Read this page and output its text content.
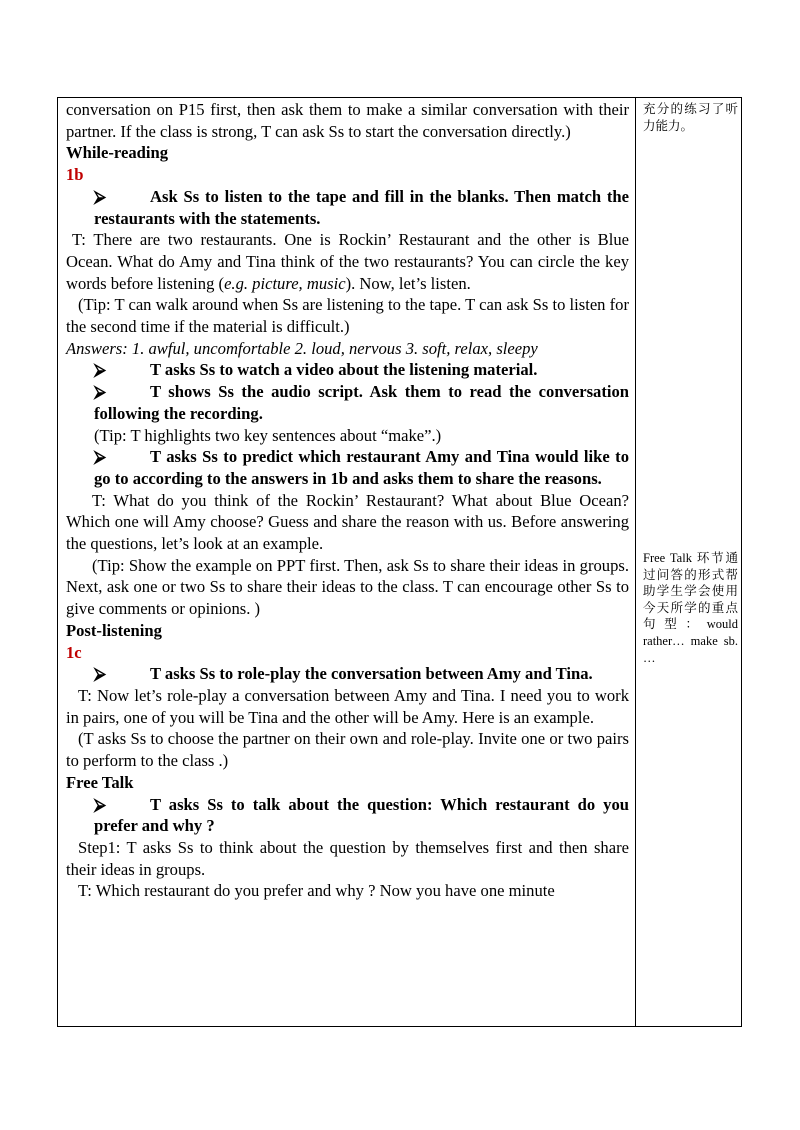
conversation on P15 first, then ask them to make a similar conversation with their partner. If the class is strong, T can ask Ss to start the conversation directly.)

While-reading

1b

⮚	Ask Ss to listen to the tape and fill in the blanks. Then match the restaurants with the statements.

T: There are two restaurants. One is Rockin’ Restaurant and the other is Blue Ocean. What do Amy and Tina think of the two restaurants? You can circle the key words before listening (e.g. picture, music). Now, let’s listen.

(Tip: T can walk around when Ss are listening to the tape. T can ask Ss to listen for the second time if the material is difficult.)

Answers: 1. awful, uncomfortable 2. loud, nervous 3. soft, relax, sleepy

⮚	T asks Ss to watch a video about the listening material.

⮚	T shows Ss the audio script. Ask them to read the conversation following the recording.

(Tip: T highlights two key sentences about “make”.)

⮚	T asks Ss to predict which restaurant Amy and Tina would like to go to according to the answers in 1b and asks them to share the reasons.

T: What do you think of the Rockin’ Restaurant? What about Blue Ocean? Which one will Amy choose? Guess and share the reason with us. Before answering the questions, let’s look at an example.

(Tip: Show the example on PPT first. Then, ask Ss to share their ideas in groups. Next, ask one or two Ss to share their ideas to the class. T can encourage other Ss to give comments or opinions. )

Post-listening

1c

⮚	T asks Ss to role-play the conversation between Amy and Tina.

T: Now let’s role-play a conversation between Amy and Tina. I need you to work in pairs, one of you will be Tina and the other will be Amy. Here is an example.

(T asks Ss to choose the partner on their own and role-play. Invite one or two pairs to perform to the class .)

Free Talk

⮚	T asks Ss to talk about the question: Which restaurant do you prefer and why ?

Step1: T asks Ss to think about the question by themselves first and then share their ideas in groups.

T: Which restaurant do you prefer and why ? Now you have one minute

充分的练习了听力能力。
Free Talk 环节通过问答的形式帮助学生学会使用今天所学的重点句型：would rather… make sb. …
